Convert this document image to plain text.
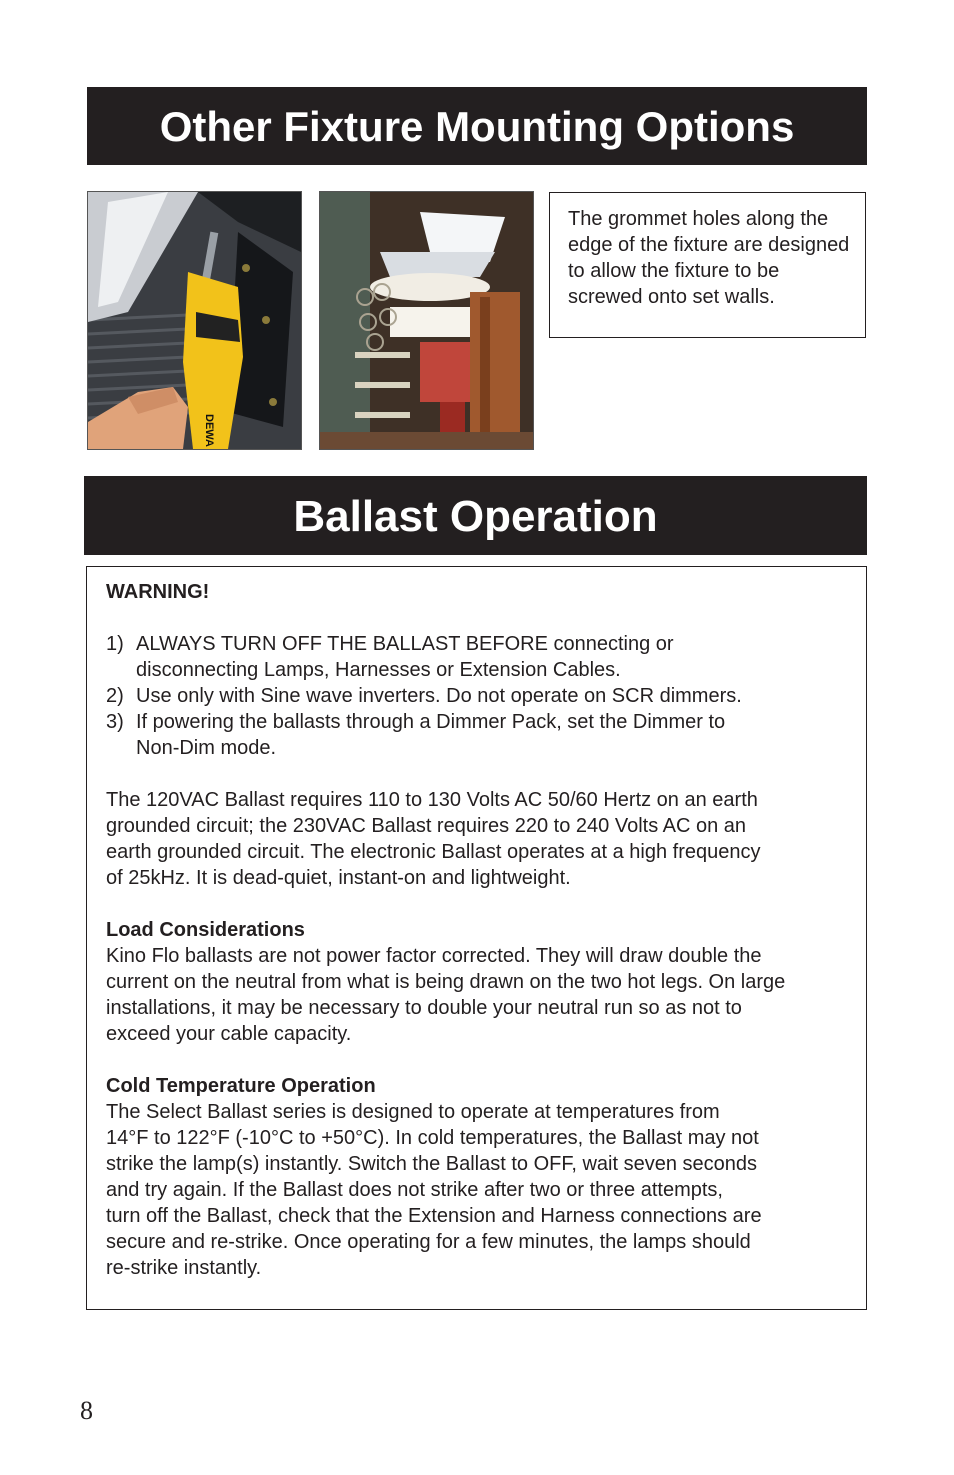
Other Fixture Mounting Options
DEWA
The grommet holes along the edge of the fixture are designed to allow the fixture to be screwed onto set walls.
Ballast Operation

WARNING!

1) ALWAYS TURN OFF THE BALLAST BEFORE connecting or

disconnecting Lamps, Harnesses or Extension Cables.

2) Use only with Sine wave inverters. Do not operate on SCR dimmers.

3) If powering the ballasts through a Dimmer Pack, set the Dimmer to

Non-Dim mode.

The 120VAC Ballast requires 110 to 130 Volts AC 50/60 Hertz on an earth

grounded circuit; the 230VAC Ballast requires 220 to 240 Volts AC on an

earth grounded circuit. The electronic Ballast operates at a high frequency

of 25kHz. It is dead-quiet, instant-on and lightweight.

Load Considerations

Kino Flo ballasts are not power factor corrected. They will draw double the

current on the neutral from what is being drawn on the two hot legs. On large

installations, it may be necessary to double your neutral run so as not to

exceed your cable capacity.

Cold Temperature Operation

The Select Ballast series is designed to operate at temperatures from

14°F to 122°F (-10°C to +50°C). In cold temperatures, the Ballast may not

strike the lamp(s) instantly. Switch the Ballast to OFF, wait seven seconds

and try again. If the Ballast does not strike after two or three attempts,

turn off the Ballast, check that the Extension and Harness connections are

secure and re-strike. Once operating for a few minutes, the lamps should

re-strike instantly.

8
